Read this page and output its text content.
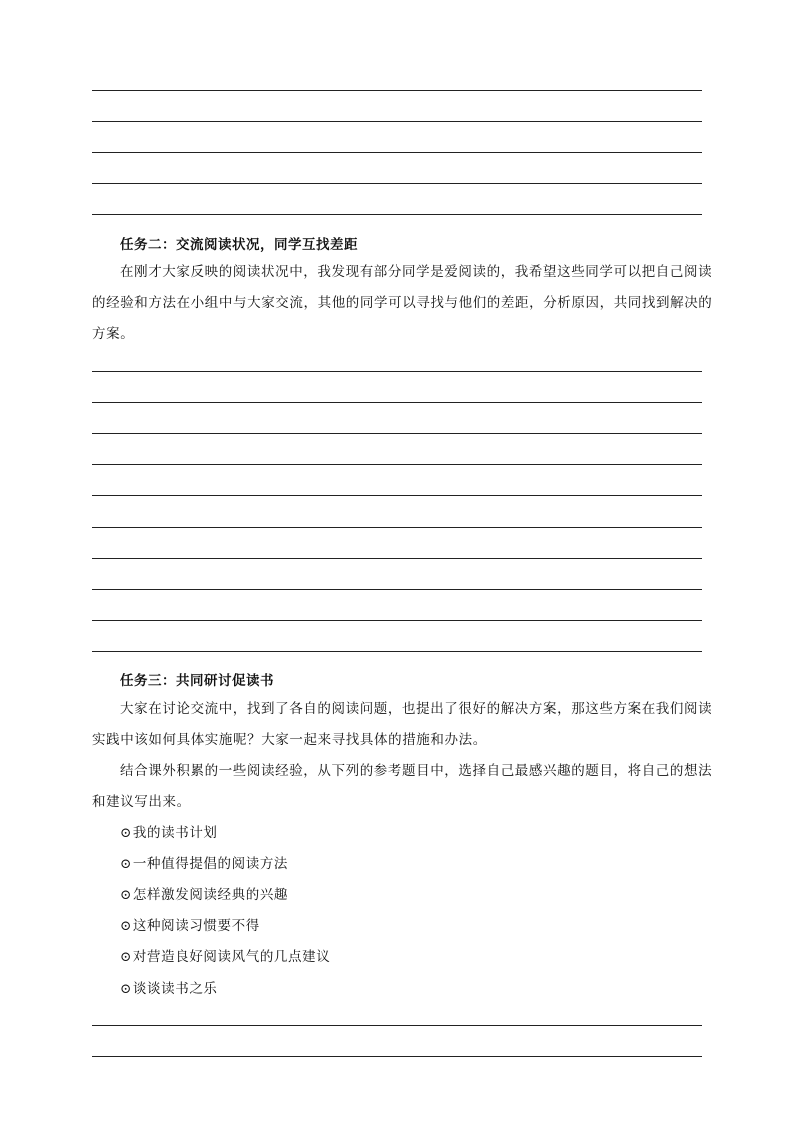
任务二：交流阅读状况，同学互找差距
在刚才大家反映的阅读状况中，我发现有部分同学是爱阅读的，我希望这些同学可以把自己阅读
的经验和方法在小组中与大家交流，其他的同学可以寻找与他们的差距，分析原因，共同找到解决的
方案。
任务三：共同研讨促读书
大家在讨论交流中，找到了各自的阅读问题，也提出了很好的解决方案，那这些方案在我们阅读
实践中该如何具体实施呢？大家一起来寻找具体的措施和办法。
结合课外积累的一些阅读经验，从下列的参考题目中，选择自己最感兴趣的题目，将自己的想法
和建议写出来。
⊙我的读书计划
⊙一种值得提倡的阅读方法
⊙怎样激发阅读经典的兴趣
⊙这种阅读习惯要不得
⊙对营造良好阅读风气的几点建议
⊙谈谈读书之乐
